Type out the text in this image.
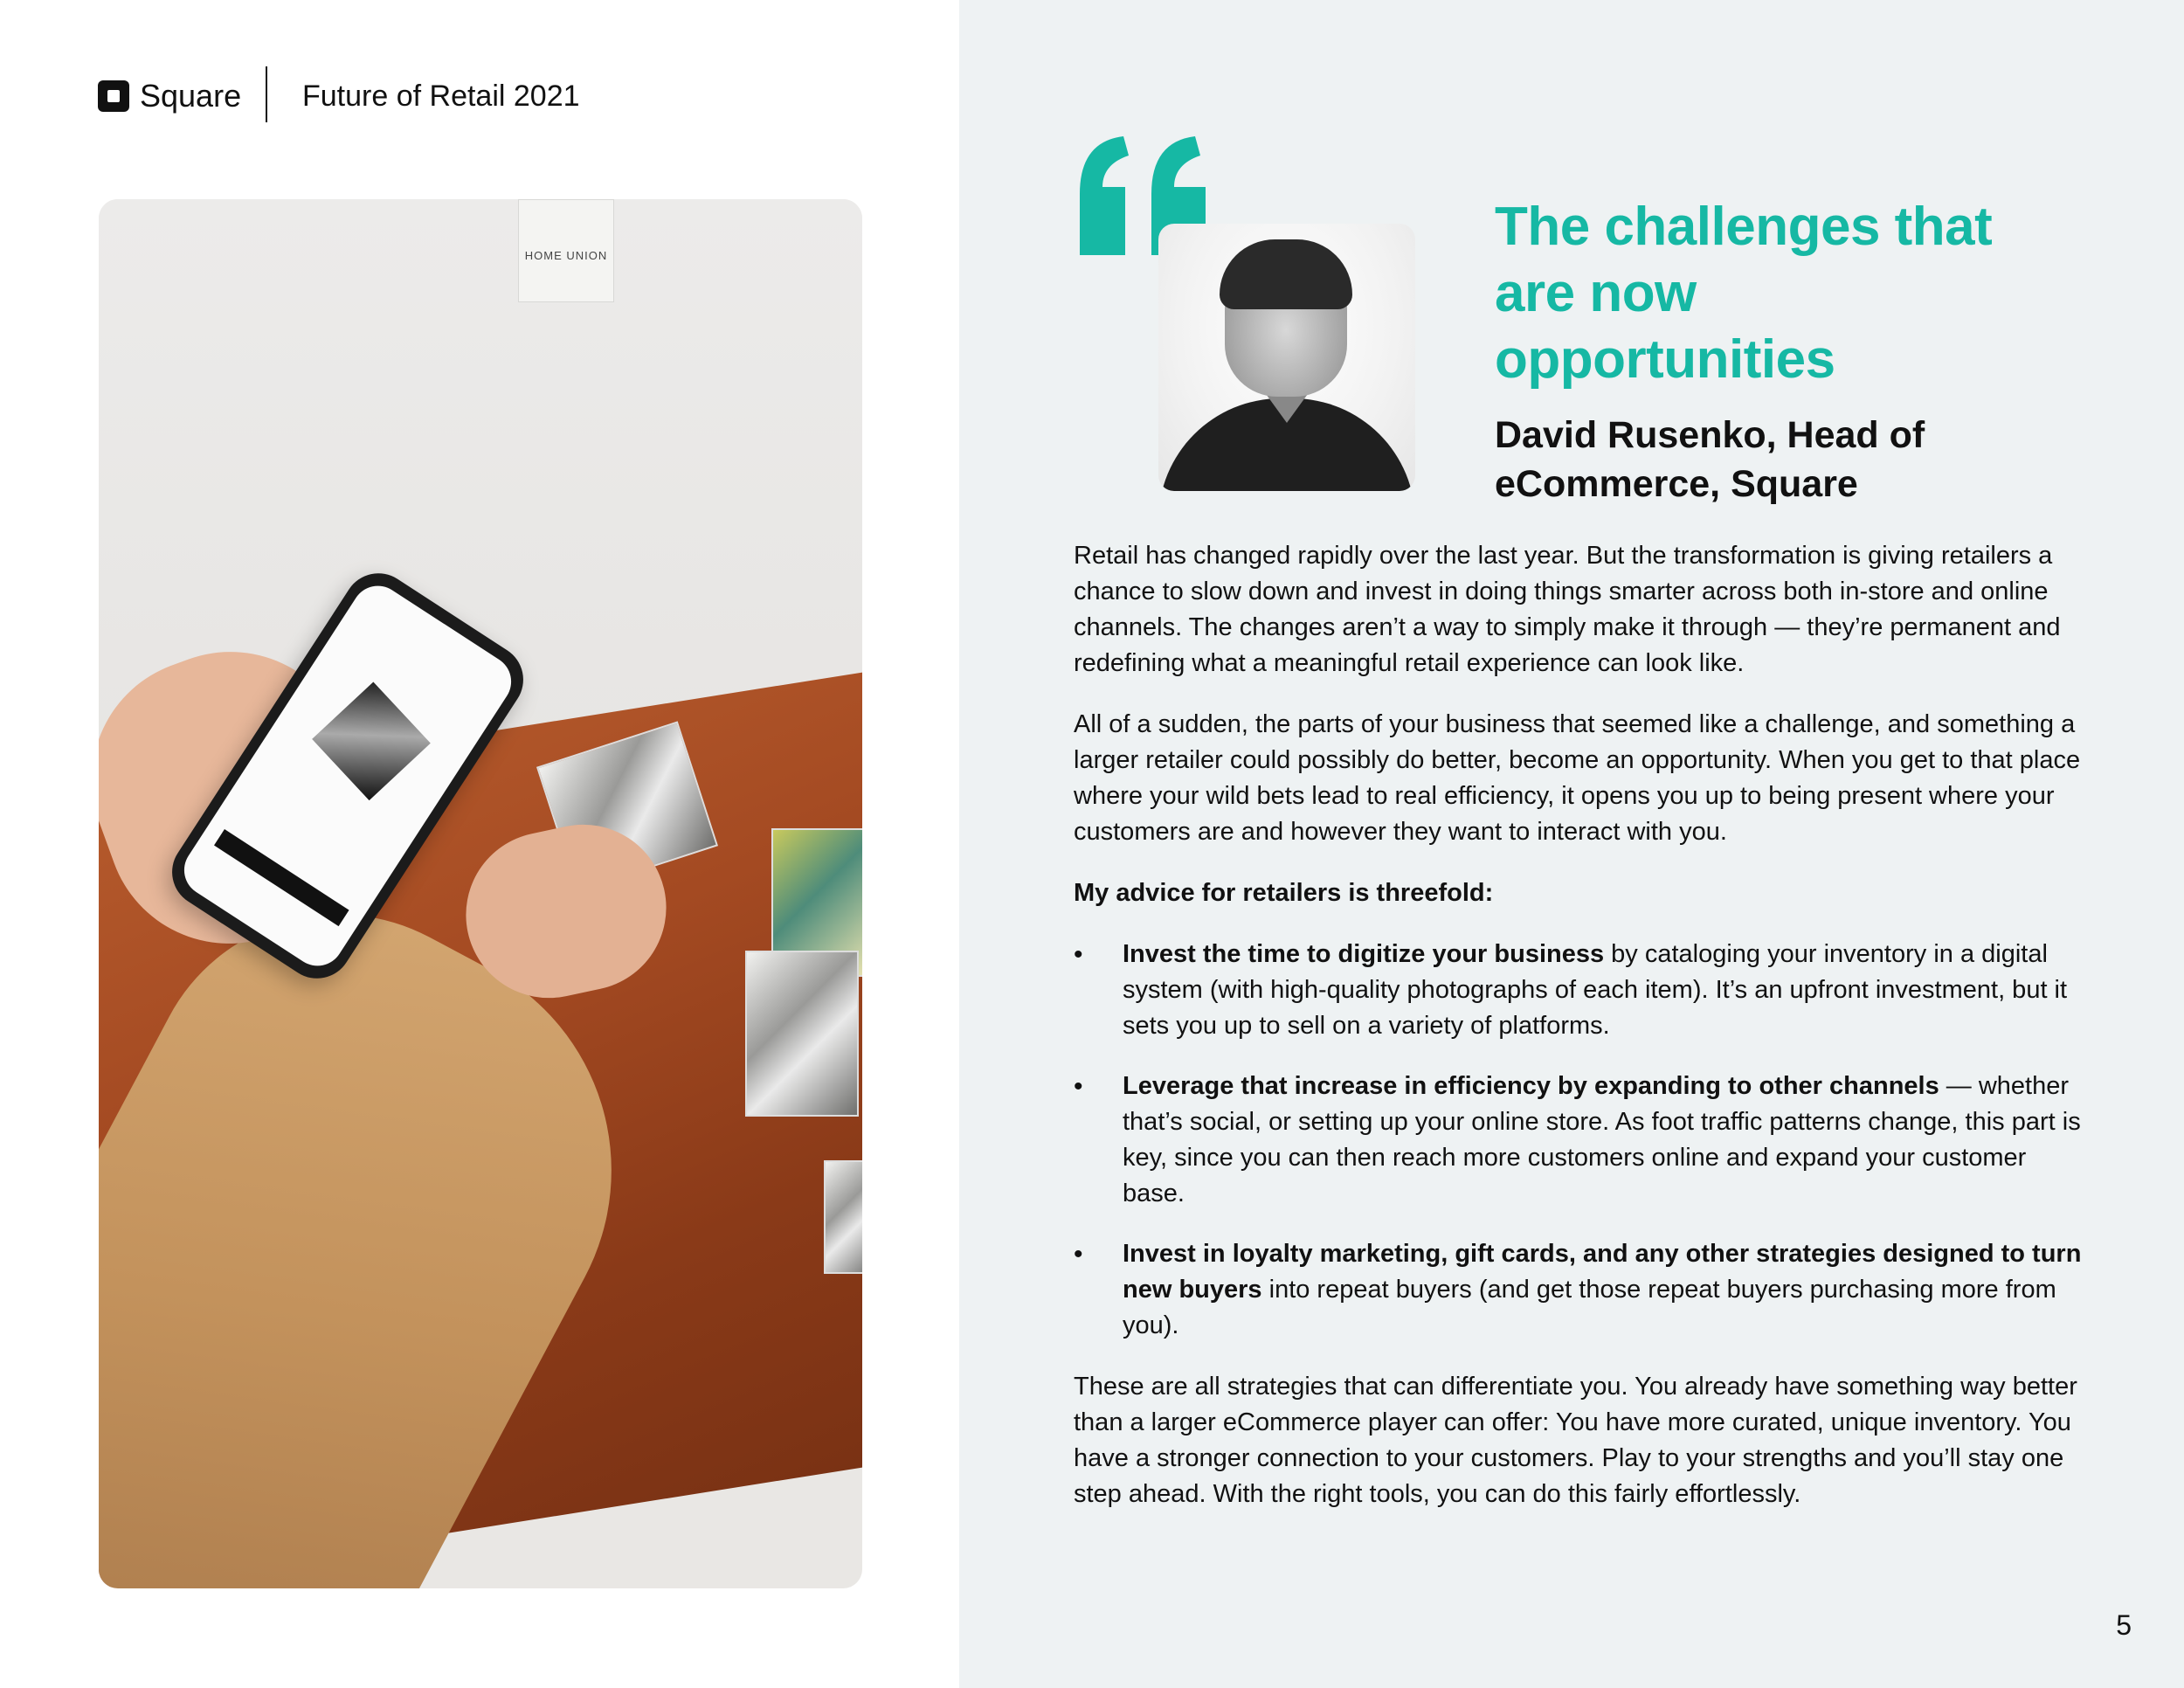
Square Future of Retail 2021
HOME UNION	The challenges that are now opportunities
David Rusenko, Head of eCommerce, Square

Retail has changed rapidly over the last year. But the transformation is giving retailers a chance to slow down and invest in doing things smarter across both in-store and online channels. The changes aren’t a way to simply make it through — they’re permanent and redefining what a meaningful retail experience can look like.

All of a sudden, the parts of your business that seemed like a challenge, and something a larger retailer could possibly do better, become an opportunity. When you get to that place where your wild bets lead to real efficiency, it opens you up to being present where your customers are and however they want to interact with you.

My advice for retailers is threefold:

• Invest the time to digitize your business by cataloging your inventory in a digital system (with high-quality photographs of each item). It’s an upfront investment, but it sets you up to sell on a variety of platforms.
• Leverage that increase in efficiency by expanding to other channels — whether that’s social, or setting up your online store. As foot traffic patterns change, this part is key, since you can then reach more customers online and expand your customer base.
• Invest in loyalty marketing, gift cards, and any other strategies designed to turn new buyers into repeat buyers (and get those repeat buyers purchasing more from you).

These are all strategies that can differentiate you. You already have something way better than a larger eCommerce player can offer: You have more curated, unique inventory. You have a stronger connection to your customers. Play to your strengths and you’ll stay one step ahead. With the right tools, you can do this fairly effortlessly.

5
